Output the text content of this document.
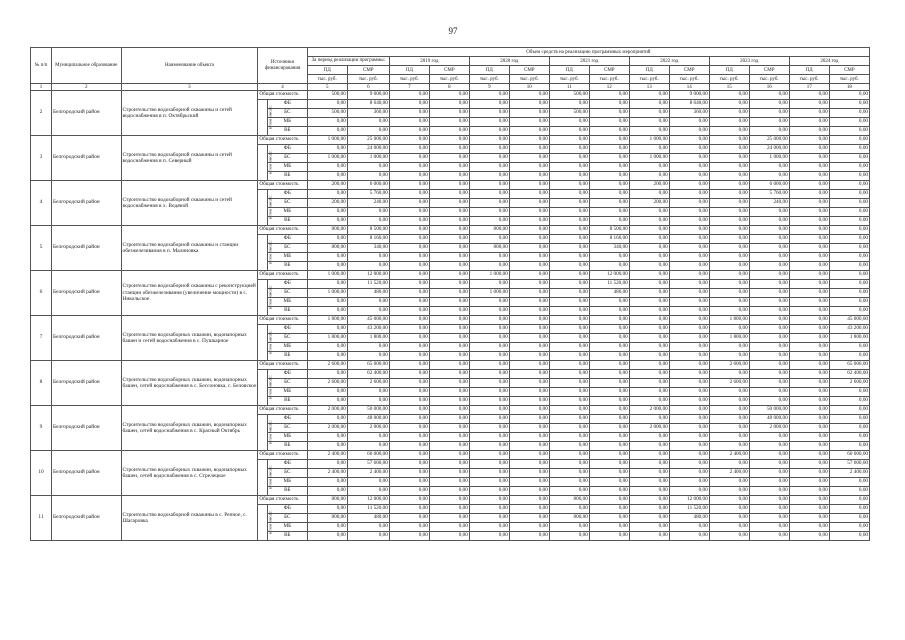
97
№ п/п	Муниципальное образование	Наименование объекта	Источники финансирования		Объем средств на реализацию программных мероприятий													
					За период реализации программы:		2019 год		2020 год		2021 год		2022 год		2023 год		2024 год	
					ПД	СМР	ПД	СМР	ПД	СМР	ПД	СМР	ПД	СМР	ПД	СМР	ПД	СМР
					тыс. руб.	тыс. руб.	тыс. руб.	тыс. руб.	тыс. руб.	тыс. руб.	тыс. руб.	тыс. руб.	тыс. руб.	тыс. руб.	тыс. руб.	тыс. руб.	тыс. руб.	тыс. руб.
1	2	3	4		5	6	7	8	9	10	11	12	13	14	15	16	17	18
2	Белгородский район	Строительство водозаборной скважины и сетей водоснабжения в п. Октябрьский	Общая стоимость		500,00	9 000,00	0,00	0,00	0,00	0,00	500,00	0,00	0,00	9 000,00	0,00	0,00	0,00	0,00
			в том числе:	ФБ	0,00	8 640,00	0,00	0,00	0,00	0,00	0,00	0,00	0,00	8 640,00	0,00	0,00	0,00	0,00
				БС	500,00	360,00	0,00	0,00	0,00	0,00	500,00	0,00	0,00	360,00	0,00	0,00	0,00	0,00
				МБ	0,00	0,00	0,00	0,00	0,00	0,00	0,00	0,00	0,00	0,00	0,00	0,00	0,00	0,00
				ВБ	0,00	0,00	0,00	0,00	0,00	0,00	0,00	0,00	0,00	0,00	0,00	0,00	0,00	0,00
3	Белгородский район	Строительство водозаборной скважины и сетей водоснабжения в п. Северный	Общая стоимость		1 000,00	25 000,00	0,00	0,00	0,00	0,00	0,00	0,00	1 000,00	0,00	0,00	25 000,00	0,00	0,00
			в том числе:	ФБ	0,00	24 000,00	0,00	0,00	0,00	0,00	0,00	0,00	0,00	0,00	0,00	24 000,00	0,00	0,00
				БС	1 000,00	1 000,00	0,00	0,00	0,00	0,00	0,00	0,00	1 000,00	0,00	0,00	1 000,00	0,00	0,00
				МБ	0,00	0,00	0,00	0,00	0,00	0,00	0,00	0,00	0,00	0,00	0,00	0,00	0,00	0,00
				ВБ	0,00	0,00	0,00	0,00	0,00	0,00	0,00	0,00	0,00	0,00	0,00	0,00	0,00	0,00
4	Белгородский район	Строительство водозаборной скважины и сетей водоснабжения в х. Водяной	Общая стоимость		200,00	6 000,00	0,00	0,00	0,00	0,00	0,00	0,00	200,00	0,00	0,00	6 000,00	0,00	0,00
			в том числе:	ФБ	0,00	5 760,00	0,00	0,00	0,00	0,00	0,00	0,00	0,00	0,00	0,00	5 760,00	0,00	0,00
				БС	200,00	240,00	0,00	0,00	0,00	0,00	0,00	0,00	200,00	0,00	0,00	240,00	0,00	0,00
				МБ	0,00	0,00	0,00	0,00	0,00	0,00	0,00	0,00	0,00	0,00	0,00	0,00	0,00	0,00
				ВБ	0,00	0,00	0,00	0,00	0,00	0,00	0,00	0,00	0,00	0,00	0,00	0,00	0,00	0,00
5	Белгородский район	Строительство водозаборной скважины и станции обезжелезивания в п. Малиновка	Общая стоимость		800,00	8 500,00	0,00	0,00	800,00	0,00	0,00	8 500,00	0,00	0,00	0,00	0,00	0,00	0,00
			в том числе:	ФБ	0,00	8 160,00	0,00	0,00	0,00	0,00	0,00	8 160,00	0,00	0,00	0,00	0,00	0,00	0,00
				БС	800,00	340,00	0,00	0,00	800,00	0,00	0,00	340,00	0,00	0,00	0,00	0,00	0,00	0,00
				МБ	0,00	0,00	0,00	0,00	0,00	0,00	0,00	0,00	0,00	0,00	0,00	0,00	0,00	0,00
				ВБ	0,00	0,00	0,00	0,00	0,00	0,00	0,00	0,00	0,00	0,00	0,00	0,00	0,00	0,00
6	Белгородский район	Строительство водозаборной скважины с реконструкцией станции обезжелезивания (увеличение мощности) в с. Никольское	Общая стоимость		1 000,00	12 000,00	0,00	0,00	1 000,00	0,00	0,00	12 000,00	0,00	0,00	0,00	0,00	0,00	0,00
			в том числе:	ФБ	0,00	11 520,00	0,00	0,00	0,00	0,00	0,00	11 520,00	0,00	0,00	0,00	0,00	0,00	0,00
				БС	1 000,00	480,00	0,00	0,00	1 000,00	0,00	0,00	480,00	0,00	0,00	0,00	0,00	0,00	0,00
				МБ	0,00	0,00	0,00	0,00	0,00	0,00	0,00	0,00	0,00	0,00	0,00	0,00	0,00	0,00
				ВБ	0,00	0,00	0,00	0,00	0,00	0,00	0,00	0,00	0,00	0,00	0,00	0,00	0,00	0,00
7	Белгородский район	Строительство водозаборных скважин, водонапорных башен и сетей водоснабжения в с. Пушкарное	Общая стоимость		1 800,00	45 000,00	0,00	0,00	0,00	0,00	0,00	0,00	0,00	0,00	1 800,00	0,00	0,00	45 000,00
			в том числе:	ФБ	0,00	43 200,00	0,00	0,00	0,00	0,00	0,00	0,00	0,00	0,00	0,00	0,00	0,00	43 200,00
				БС	1 800,00	1 800,00	0,00	0,00	0,00	0,00	0,00	0,00	0,00	0,00	1 800,00	0,00	0,00	1 800,00
				МБ	0,00	0,00	0,00	0,00	0,00	0,00	0,00	0,00	0,00	0,00	0,00	0,00	0,00	0,00
				ВБ	0,00	0,00	0,00	0,00	0,00	0,00	0,00	0,00	0,00	0,00	0,00	0,00	0,00	0,00
8	Белгородский район	Строительство водозаборных скважин, водонапорных башен, сетей водоснабжения в с. Бессоновка, с. Беловское	Общая стоимость		2 600,00	65 000,00	0,00	0,00	0,00	0,00	0,00	0,00	0,00	0,00	2 600,00	0,00	0,00	65 000,00
			в том числе:	ФБ	0,00	62 400,00	0,00	0,00	0,00	0,00	0,00	0,00	0,00	0,00	0,00	0,00	0,00	62 400,00
				БС	2 600,00	2 600,00	0,00	0,00	0,00	0,00	0,00	0,00	0,00	0,00	2 600,00	0,00	0,00	2 600,00
				МБ	0,00	0,00	0,00	0,00	0,00	0,00	0,00	0,00	0,00	0,00	0,00	0,00	0,00	0,00
				ВБ	0,00	0,00	0,00	0,00	0,00	0,00	0,00	0,00	0,00	0,00	0,00	0,00	0,00	0,00
9	Белгородский район	Строительство водозаборных скважин, водонапорных башен, сетей водоснабжения в с. Красный Октябрь	Общая стоимость		2 000,00	50 000,00	0,00	0,00	0,00	0,00	0,00	0,00	2 000,00	0,00	0,00	50 000,00	0,00	0,00
			в том числе:	ФБ	0,00	48 000,00	0,00	0,00	0,00	0,00	0,00	0,00	0,00	0,00	0,00	48 000,00	0,00	0,00
				БС	2 000,00	2 000,00	0,00	0,00	0,00	0,00	0,00	0,00	2 000,00	0,00	0,00	2 000,00	0,00	0,00
				МБ	0,00	0,00	0,00	0,00	0,00	0,00	0,00	0,00	0,00	0,00	0,00	0,00	0,00	0,00
				ВБ	0,00	0,00	0,00	0,00	0,00	0,00	0,00	0,00	0,00	0,00	0,00	0,00	0,00	0,00
10	Белгородский район	Строительство водозаборных скважин, водонапорных башен, сетей водоснабжения в с. Стрелецкое	Общая стоимость		2 400,00	60 000,00	0,00	0,00	0,00	0,00	0,00	0,00	0,00	0,00	2 400,00	0,00	0,00	60 000,00
			в том числе:	ФБ	0,00	57 600,00	0,00	0,00	0,00	0,00	0,00	0,00	0,00	0,00	0,00	0,00	0,00	57 600,00
				БС	2 400,00	2 400,00	0,00	0,00	0,00	0,00	0,00	0,00	0,00	0,00	2 400,00	0,00	0,00	2 400,00
				МБ	0,00	0,00	0,00	0,00	0,00	0,00	0,00	0,00	0,00	0,00	0,00	0,00	0,00	0,00
				ВБ	0,00	0,00	0,00	0,00	0,00	0,00	0,00	0,00	0,00	0,00	0,00	0,00	0,00	0,00
11	Белгородский район	Строительство водозаборной скважины в с. Репное, с. Шагаровка	Общая стоимость		800,00	12 000,00	0,00	0,00	0,00	0,00	800,00	0,00	0,00	12 000,00	0,00	0,00	0,00	0,00
			в том числе:	ФБ	0,00	11 520,00	0,00	0,00	0,00	0,00	0,00	0,00	0,00	11 520,00	0,00	0,00	0,00	0,00
				БС	800,00	480,00	0,00	0,00	0,00	0,00	800,00	0,00	0,00	480,00	0,00	0,00	0,00	0,00
				МБ	0,00	0,00	0,00	0,00	0,00	0,00	0,00	0,00	0,00	0,00	0,00	0,00	0,00	0,00
				ВБ	0,00	0,00	0,00	0,00	0,00	0,00	0,00	0,00	0,00	0,00	0,00	0,00	0,00	0,00
